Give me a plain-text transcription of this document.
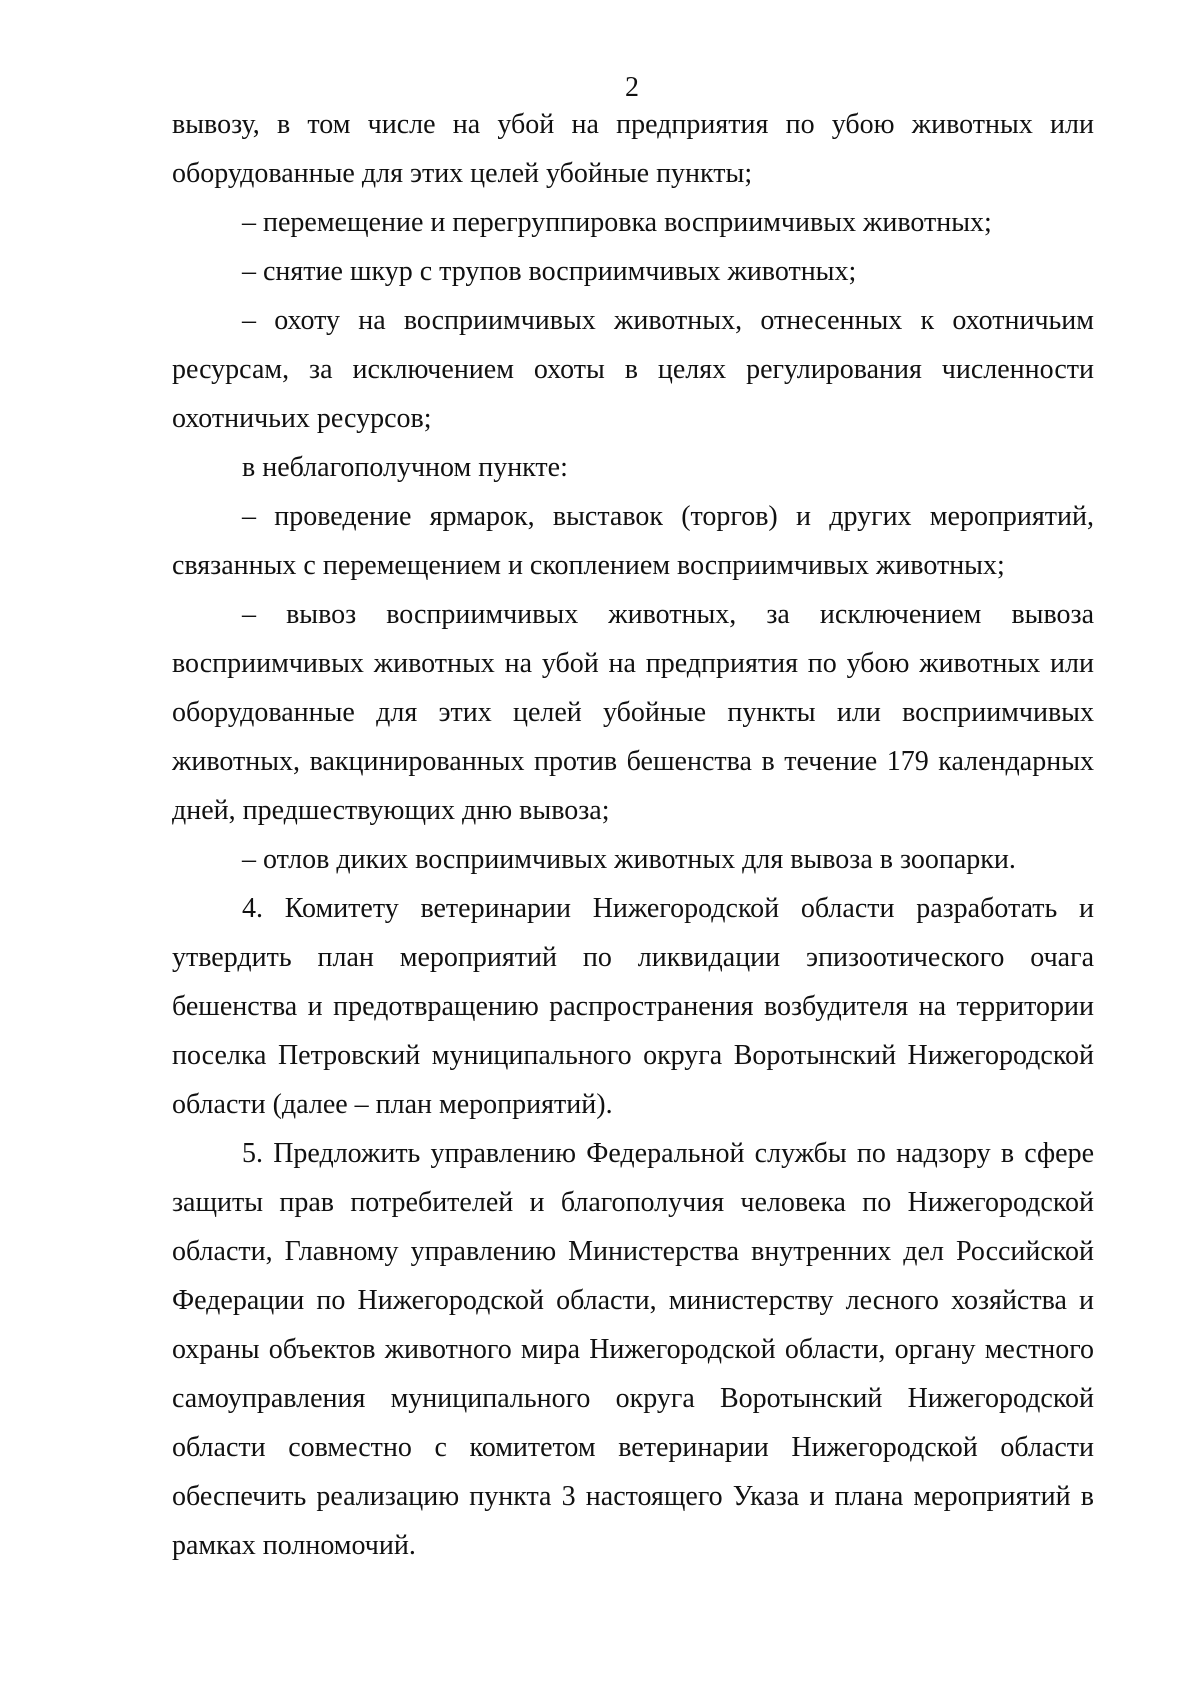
2

вывозу, в том числе на убой на предприятия по убою животных или оборудованные для этих целей убойные пункты;

– перемещение и перегруппировка восприимчивых животных;

– снятие шкур с трупов восприимчивых животных;

– охоту на восприимчивых животных, отнесенных к охотничьим ресурсам, за исключением охоты в целях регулирования численности охотничьих ресурсов;

в неблагополучном пункте:

– проведение ярмарок, выставок (торгов) и других мероприятий, связанных с перемещением и скоплением восприимчивых животных;

– вывоз восприимчивых животных, за исключением вывоза восприимчивых животных на убой на предприятия по убою животных или оборудованные для этих целей убойные пункты или восприимчивых животных, вакцинированных против бешенства в течение 179 календарных дней, предшествующих дню вывоза;

– отлов диких восприимчивых животных для вывоза в зоопарки.

4. Комитету ветеринарии Нижегородской области разработать и утвердить план мероприятий по ликвидации эпизоотического очага бешенства и предотвращению распространения возбудителя на территории поселка Петровский муниципального округа Воротынский Нижегородской области (далее – план мероприятий).

5. Предложить управлению Федеральной службы по надзору в сфере защиты прав потребителей и благополучия человека по Нижегородской области, Главному управлению Министерства внутренних дел Российской Федерации по Нижегородской области, министерству лесного хозяйства и охраны объектов животного мира Нижегородской области, органу местного самоуправления муниципального округа Воротынский Нижегородской области совместно с комитетом ветеринарии Нижегородской области обеспечить реализацию пункта 3 настоящего Указа и плана мероприятий в рамках полномочий.
